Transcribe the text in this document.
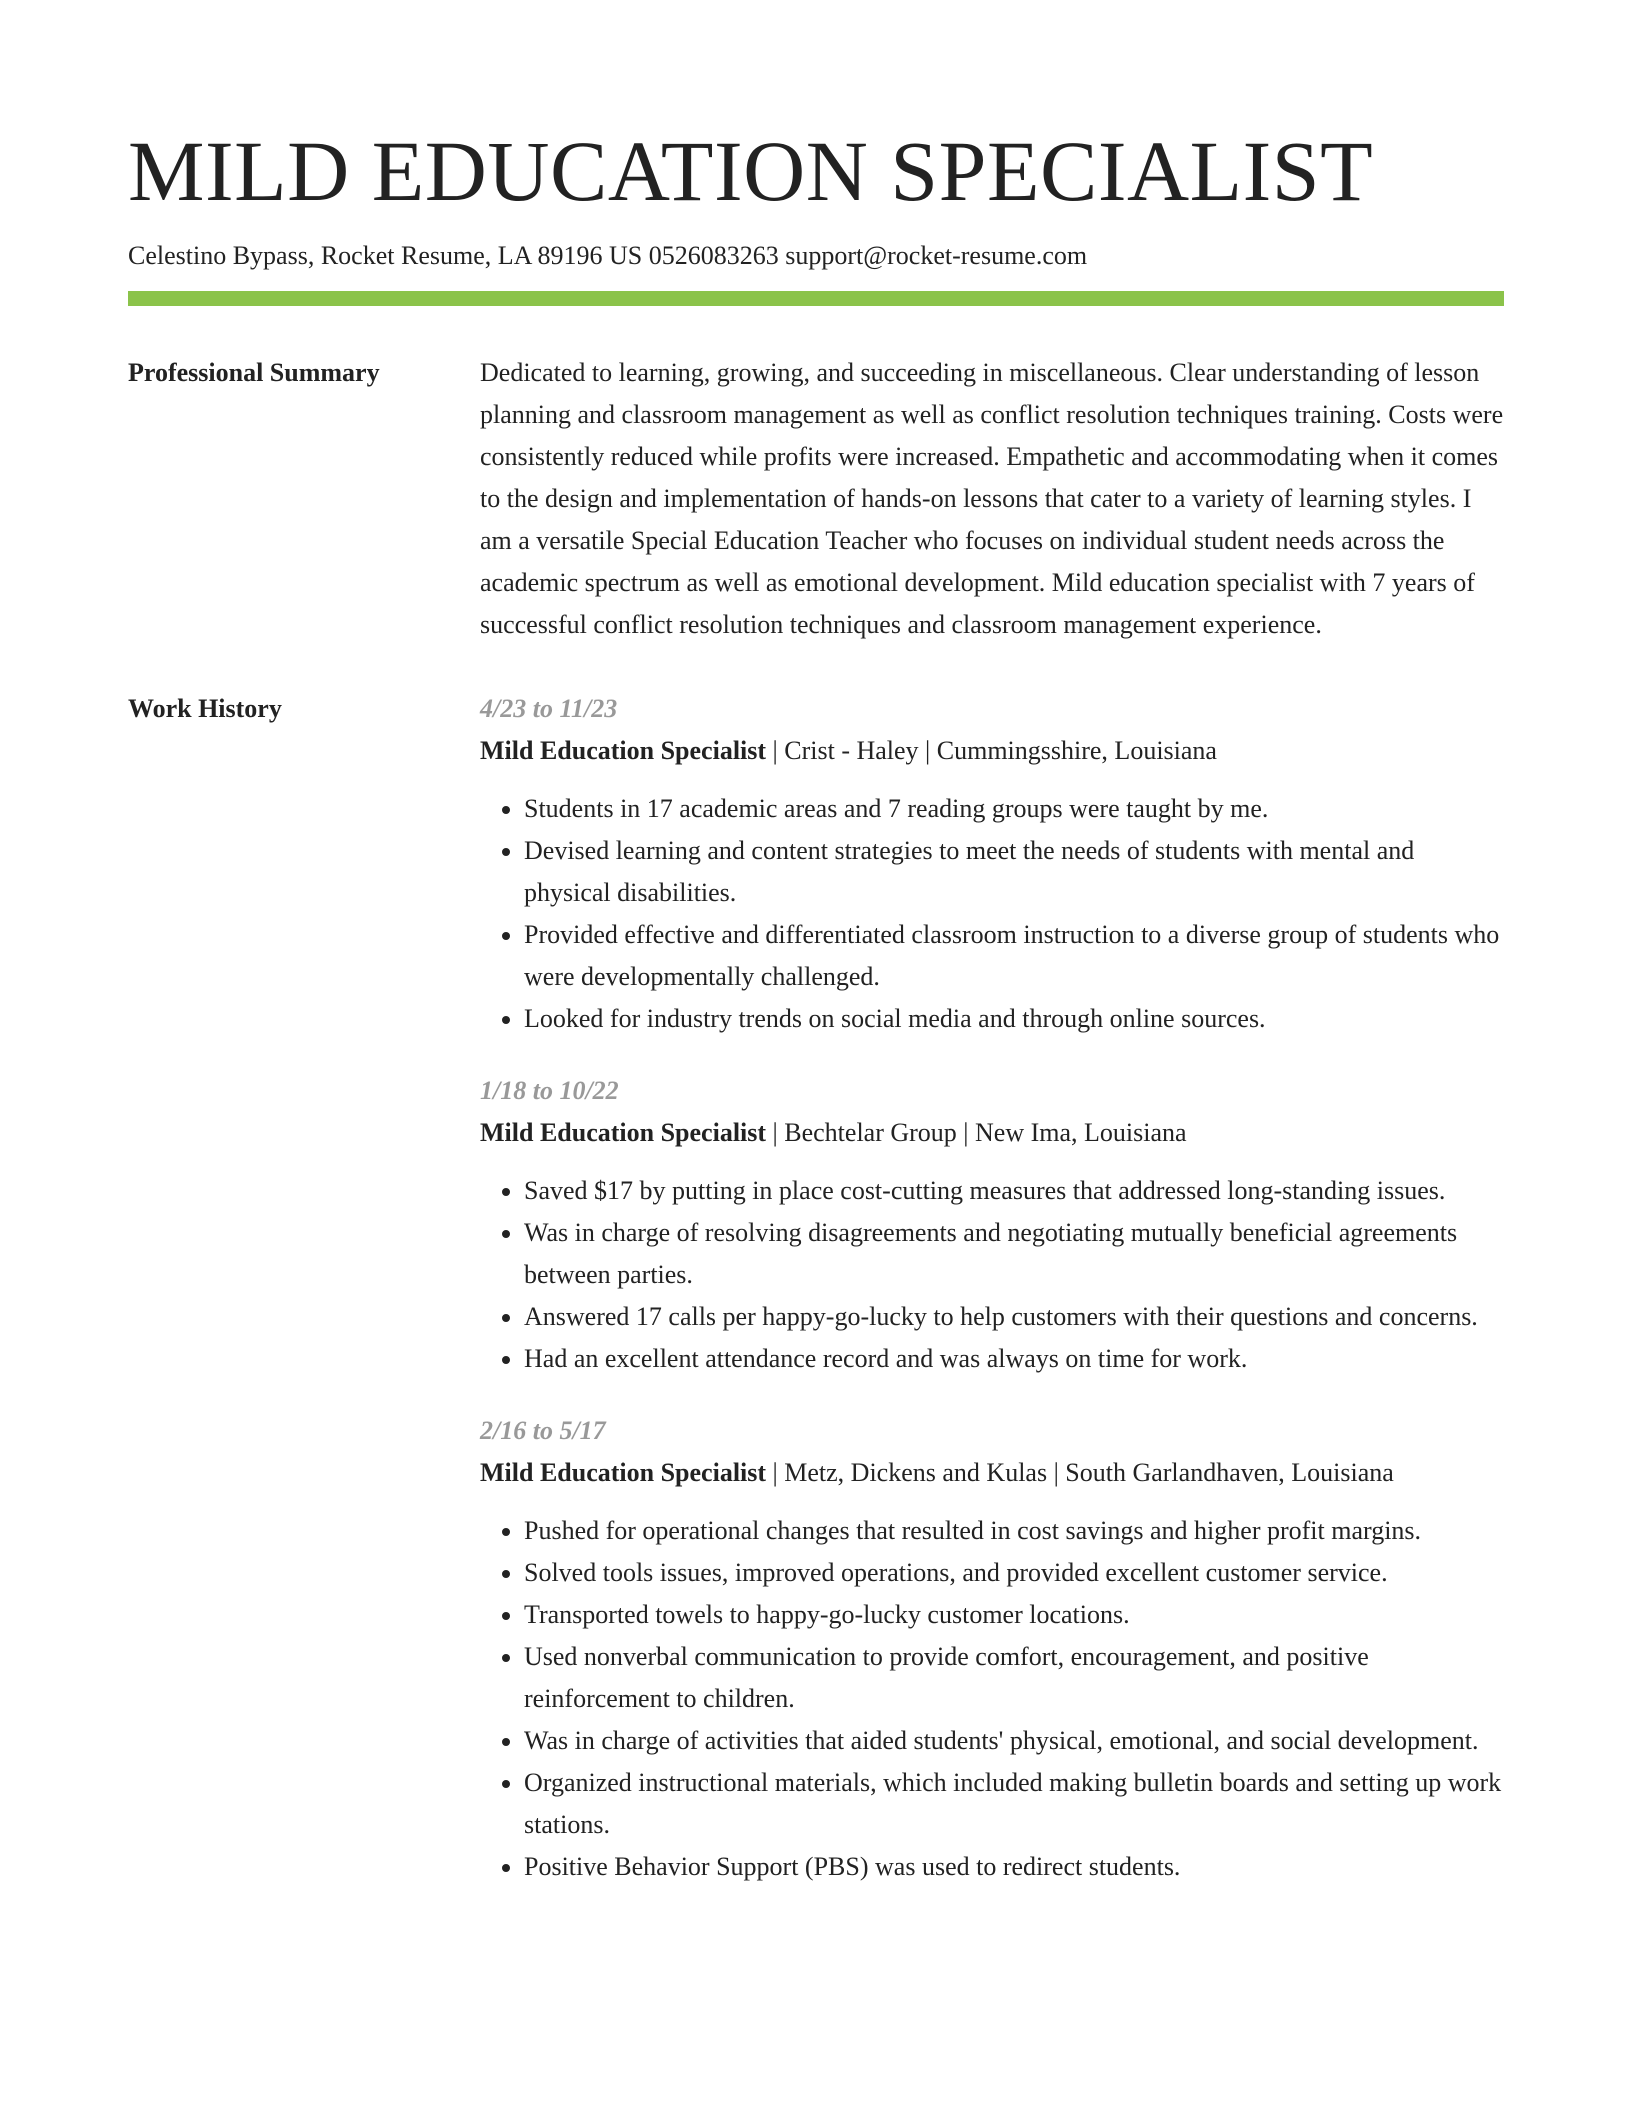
MILD EDUCATION SPECIALIST
Celestino Bypass, Rocket Resume, LA 89196 US 0526083263 support@rocket-resume.com
Professional Summary	Dedicated to learning, growing, and succeeding in miscellaneous. Clear understanding of lesson planning and classroom management as well as conflict resolution techniques training. Costs were consistently reduced while profits were increased. Empathetic and accommodating when it comes to the design and implementation of hands-on lessons that cater to a variety of learning styles. I am a versatile Special Education Teacher who focuses on individual student needs across the academic spectrum as well as emotional development. Mild education specialist with 7 years of successful conflict resolution techniques and classroom management experience.

Work History	4/23 to 11/23
Mild Education Specialist | Crist - Haley | Cummingsshire, Louisiana
• Students in 17 academic areas and 7 reading groups were taught by me.
• Devised learning and content strategies to meet the needs of students with mental and physical disabilities.
• Provided effective and differentiated classroom instruction to a diverse group of students who were developmentally challenged.
• Looked for industry trends on social media and through online sources.
1/18 to 10/22
Mild Education Specialist | Bechtelar Group | New Ima, Louisiana
• Saved $17 by putting in place cost-cutting measures that addressed long-standing issues.
• Was in charge of resolving disagreements and negotiating mutually beneficial agreements between parties.
• Answered 17 calls per happy-go-lucky to help customers with their questions and concerns.
• Had an excellent attendance record and was always on time for work.
2/16 to 5/17
Mild Education Specialist | Metz, Dickens and Kulas | South Garlandhaven, Louisiana
• Pushed for operational changes that resulted in cost savings and higher profit margins.
• Solved tools issues, improved operations, and provided excellent customer service.
• Transported towels to happy-go-lucky customer locations.
• Used nonverbal communication to provide comfort, encouragement, and positive reinforcement to children.
• Was in charge of activities that aided students' physical, emotional, and social development.
• Organized instructional materials, which included making bulletin boards and setting up work stations.
• Positive Behavior Support (PBS) was used to redirect students.
